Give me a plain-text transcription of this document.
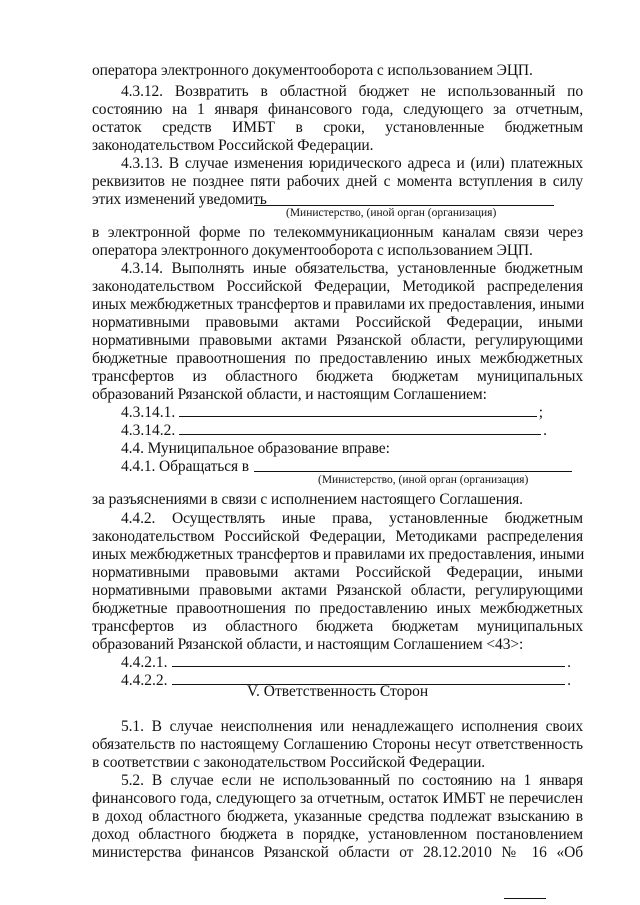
оператора электронного документооборота с использованием ЭЦП.
4.3.12. Возвратить в областной бюджет не использованный по
состоянию на 1 января финансового года, следующего за отчетным,
остаток средств ИМБТ в сроки, установленные бюджетным
законодательством Российской Федерации.
4.3.13. В случае изменения юридического адреса и (или) платежных
реквизитов не позднее пяти рабочих дней с момента вступления в силу
этих изменений уведомить
(Министерство, (иной орган (организация)
в электронной форме по телекоммуникационным каналам связи через
оператора электронного документооборота с использованием ЭЦП.
4.3.14. Выполнять иные обязательства, установленные бюджетным
законодательством Российской Федерации, Методикой распределения
иных межбюджетных трансфертов и правилами их предоставления, иными
нормативными правовыми актами Российской Федерации, иными
нормативными правовыми актами Рязанской области, регулирующими
бюджетные правоотношения по предоставлению иных межбюджетных
трансфертов из областного бюджета бюджетам муниципальных
образований Рязанской области, и настоящим Соглашением:
4.3.14.1.	;
4.3.14.2.	.
4.4. Муниципальное образование вправе:
4.4.1. Обращаться в
(Министерство, (иной орган (организация)
за разъяснениями в связи с исполнением настоящего Соглашения.
4.4.2. Осуществлять иные права, установленные бюджетным
законодательством Российской Федерации, Методиками распределения
иных межбюджетных трансфертов и правилами их предоставления, иными
нормативными правовыми актами Российской Федерации, иными
нормативными правовыми актами Рязанской области, регулирующими
бюджетные правоотношения по предоставлению иных межбюджетных
трансфертов из областного бюджета бюджетам муниципальных
образований Рязанской области, и настоящим Соглашением <43>:
4.4.2.1.	.
4.4.2.2.	.
V. Ответственность Сторон
5.1. В случае неисполнения или ненадлежащего исполнения своих
обязательств по настоящему Соглашению Стороны несут ответственность
в соответствии с законодательством Российской Федерации.
5.2. В случае если не использованный по состоянию на 1 января
финансового года, следующего за отчетным, остаток ИМБТ не перечислен
в доход областного бюджета, указанные средства подлежат взысканию в
доход областного бюджета в порядке, установленном постановлением
министерства финансов Рязанской области от 28.12.2010 № 16 «Об
